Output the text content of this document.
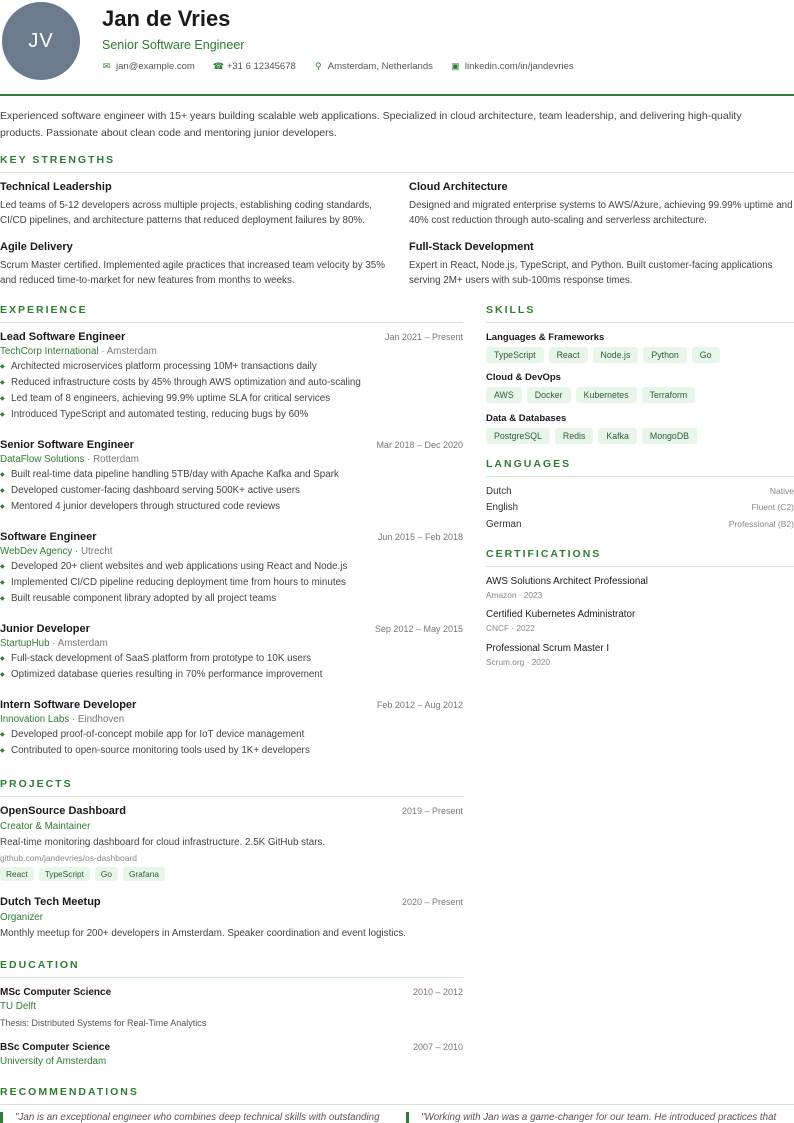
JV
Jan de Vries
Senior Software Engineer
✉ jan@example.com ☎ +31 6 12345678 ⚲ Amsterdam, Netherlands ▣ linkedin.com/in/jandevries
Experienced software engineer with 15+ years building scalable web applications. Specialized in cloud architecture, team leadership, and delivering high-quality products. Passionate about clean code and mentoring junior developers.
KEY STRENGTHS
Technical Leadership
Led teams of 5-12 developers across multiple projects, establishing coding standards, CI/CD pipelines, and architecture patterns that reduced deployment failures by 80%.
Cloud Architecture
Designed and migrated enterprise systems to AWS/Azure, achieving 99.99% uptime and 40% cost reduction through auto-scaling and serverless architecture.
Agile Delivery
Scrum Master certified. Implemented agile practices that increased team velocity by 35% and reduced time-to-market for new features from months to weeks.
Full-Stack Development
Expert in React, Node.js, TypeScript, and Python. Built customer-facing applications serving 2M+ users with sub-100ms response times.
EXPERIENCE
Lead Software Engineer	Jan 2021 – Present
TechCorp International · Amsterdam
◆ Architected microservices platform processing 10M+ transactions daily
◆ Reduced infrastructure costs by 45% through AWS optimization and auto-scaling
◆ Led team of 8 engineers, achieving 99.9% uptime SLA for critical services
◆ Introduced TypeScript and automated testing, reducing bugs by 60%
Senior Software Engineer	Mar 2018 – Dec 2020
DataFlow Solutions · Rotterdam
◆ Built real-time data pipeline handling 5TB/day with Apache Kafka and Spark
◆ Developed customer-facing dashboard serving 500K+ active users
◆ Mentored 4 junior developers through structured code reviews
Software Engineer	Jun 2015 – Feb 2018
WebDev Agency · Utrecht
◆ Developed 20+ client websites and web applications using React and Node.js
◆ Implemented CI/CD pipeline reducing deployment time from hours to minutes
◆ Built reusable component library adopted by all project teams
Junior Developer	Sep 2012 – May 2015
StartupHub · Amsterdam
◆ Full-stack development of SaaS platform from prototype to 10K users
◆ Optimized database queries resulting in 70% performance improvement
Intern Software Developer	Feb 2012 – Aug 2012
Innovation Labs · Eindhoven
◆ Developed proof-of-concept mobile app for IoT device management
◆ Contributed to open-source monitoring tools used by 1K+ developers
SKILLS
Languages & Frameworks
TypeScript	React	Node.js	Python	Go
Cloud & DevOps
AWS	Docker	Kubernetes	Terraform
Data & Databases
PostgreSQL	Redis	Kafka	MongoDB
LANGUAGES
Dutch	Native
English	Fluent (C2)
German	Professional (B2)
CERTIFICATIONS
AWS Solutions Architect Professional
Amazon · 2023
Certified Kubernetes Administrator
CNCF · 2022
Professional Scrum Master I
Scrum.org · 2020
PROJECTS
OpenSource Dashboard	2019 – Present
Creator & Maintainer
Real-time monitoring dashboard for cloud infrastructure. 2.5K GitHub stars.
github.com/jandevries/os-dashboard
React	TypeScript	Go	Grafana
Dutch Tech Meetup	2020 – Present
Organizer
Monthly meetup for 200+ developers in Amsterdam. Speaker coordination and event logistics.
EDUCATION
MSc Computer Science	2010 – 2012
TU Delft
Thesis: Distributed Systems for Real-Time Analytics
BSc Computer Science	2007 – 2010
University of Amsterdam
RECOMMENDATIONS
"Jan is an exceptional engineer who combines deep technical skills with outstanding	"Working with Jan was a game-changer for our team. He introduced practices that
